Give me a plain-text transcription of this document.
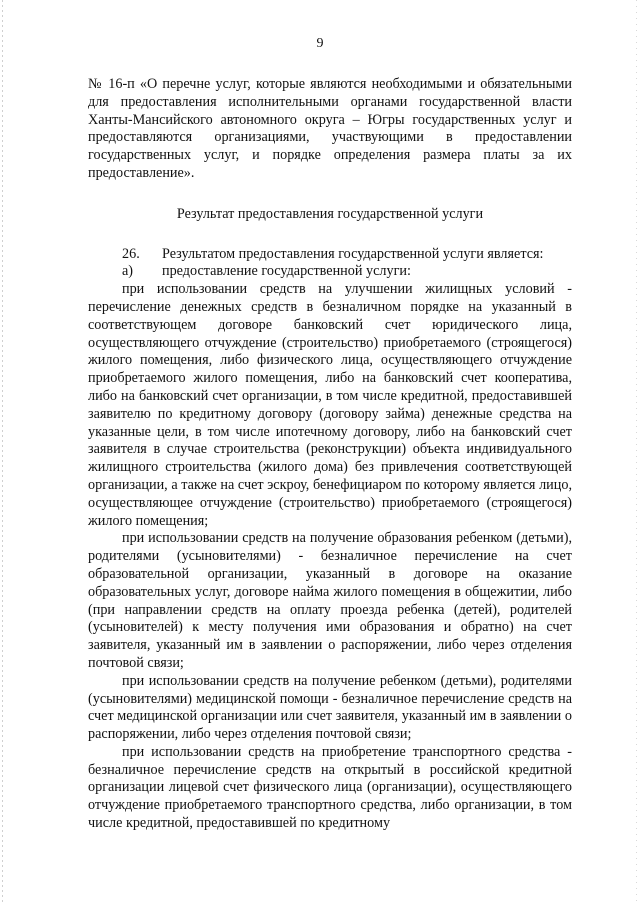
9

№ 16-п «О перечне услуг, которые являются необходимыми и обязательными для предоставления исполнительными органами государственной власти Ханты-Мансийского автономного округа – Югры государственных услуг и предоставляются организациями, участвующими в предоставлении государственных услуг, и порядке определения размера платы за их предоставление».

Результат предоставления государственной услуги

26.	Результатом предоставления государственной услуги является:
а)	предоставление государственной услуги:

при использовании средств на улучшении жилищных условий - перечисление денежных средств в безналичном порядке на указанный в соответствующем договоре банковский счет юридического лица, осуществляющего отчуждение (строительство) приобретаемого (строящегося) жилого помещения, либо физического лица, осуществляющего отчуждение приобретаемого жилого помещения, либо на банковский счет кооператива, либо на банковский счет организации, в том числе кредитной, предоставившей заявителю по кредитному договору (договору займа) денежные средства на указанные цели, в том числе ипотечному договору, либо на банковский счет заявителя в случае строительства (реконструкции) объекта индивидуального жилищного строительства (жилого дома) без привлечения соответствующей организации, а также на счет эскроу, бенефициаром по которому является лицо, осуществляющее отчуждение (строительство) приобретаемого (строящегося) жилого помещения;

при использовании средств на получение образования ребенком (детьми), родителями (усыновителями) - безналичное перечисление на счет образовательной организации, указанный в договоре на оказание образовательных услуг, договоре найма жилого помещения в общежитии, либо (при направлении средств на оплату проезда ребенка (детей), родителей (усыновителей) к месту получения ими образования и обратно) на счет заявителя, указанный им в заявлении о распоряжении, либо через отделения почтовой связи;

при использовании средств на получение ребенком (детьми), родителями (усыновителями) медицинской помощи - безналичное перечисление средств на счет медицинской организации или счет заявителя, указанный им в заявлении о распоряжении, либо через отделения почтовой связи;

при использовании средств на приобретение транспортного средства - безналичное перечисление средств на открытый в российской кредитной организации лицевой счет физического лица (организации), осуществляющего отчуждение приобретаемого транспортного средства, либо организации, в том числе кредитной, предоставившей по кредитному
